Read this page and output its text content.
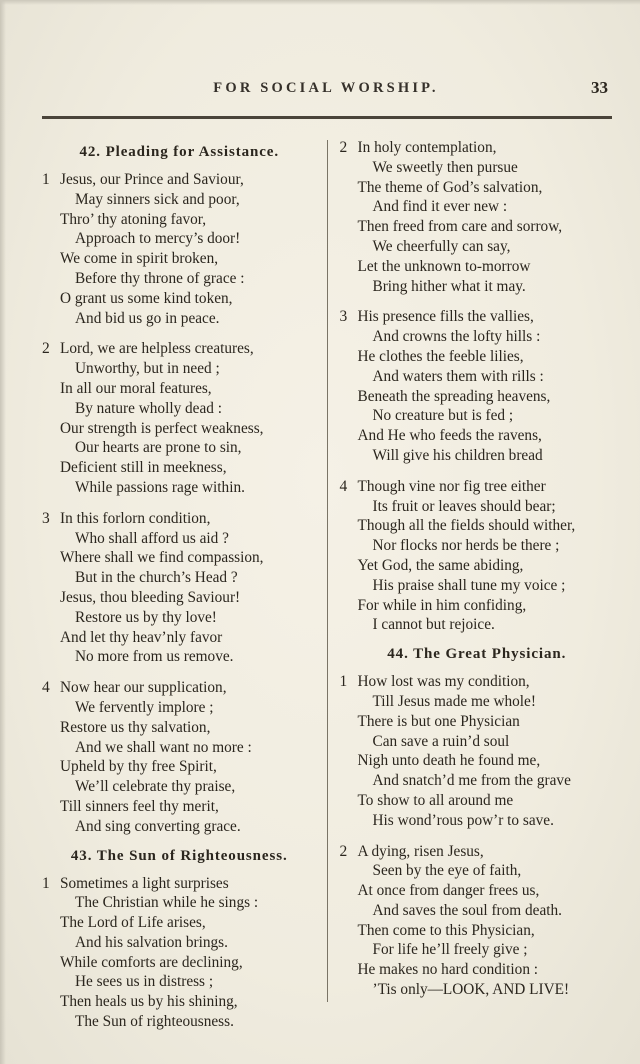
FOR SOCIAL WORSHIP.	33
42. Pleading for Assistance.
1 Jesus, our Prince and Saviour,
May sinners sick and poor,
Thro’ thy atoning favor,
Approach to mercy’s door!
We come in spirit broken,
Before thy throne of grace :
O grant us some kind token,
And bid us go in peace.
2 Lord, we are helpless creatures,
Unworthy, but in need ;
In all our moral features,
By nature wholly dead :
Our strength is perfect weakness,
Our hearts are prone to sin,
Deficient still in meekness,
While passions rage within.
3 In this forlorn condition,
Who shall afford us aid ?
Where shall we find compassion,
But in the church’s Head ?
Jesus, thou bleeding Saviour!
Restore us by thy love!
And let thy heav’nly favor
No more from us remove.
4 Now hear our supplication,
We fervently implore ;
Restore us thy salvation,
And we shall want no more :
Upheld by thy free Spirit,
We’ll celebrate thy praise,
Till sinners feel thy merit,
And sing converting grace.
43. The Sun of Righteousness.
1 Sometimes a light surprises
The Christian while he sings :
The Lord of Life arises,
And his salvation brings.
While comforts are declining,
He sees us in distress ;
Then heals us by his shining,
The Sun of righteousness.
2 In holy contemplation,
We sweetly then pursue
The theme of God’s salvation,
And find it ever new :
Then freed from care and sorrow,
We cheerfully can say,
Let the unknown to-morrow
Bring hither what it may.
3 His presence fills the vallies,
And crowns the lofty hills :
He clothes the feeble lilies,
And waters them with rills :
Beneath the spreading heavens,
No creature but is fed ;
And He who feeds the ravens,
Will give his children bread
4 Though vine nor fig tree either
Its fruit or leaves should bear;
Though all the fields should wither,
Nor flocks nor herds be there ;
Yet God, the same abiding,
His praise shall tune my voice ;
For while in him confiding,
I cannot but rejoice.
44. The Great Physician.
1 How lost was my condition,
Till Jesus made me whole!
There is but one Physician
Can save a ruin’d soul
Nigh unto death he found me,
And snatch’d me from the grave
To show to all around me
His wond’rous pow’r to save.
2 A dying, risen Jesus,
Seen by the eye of faith,
At once from danger frees us,
And saves the soul from death.
Then come to this Physician,
For life he’ll freely give ;
He makes no hard condition :
’Tis only—LOOK, AND LIVE!
